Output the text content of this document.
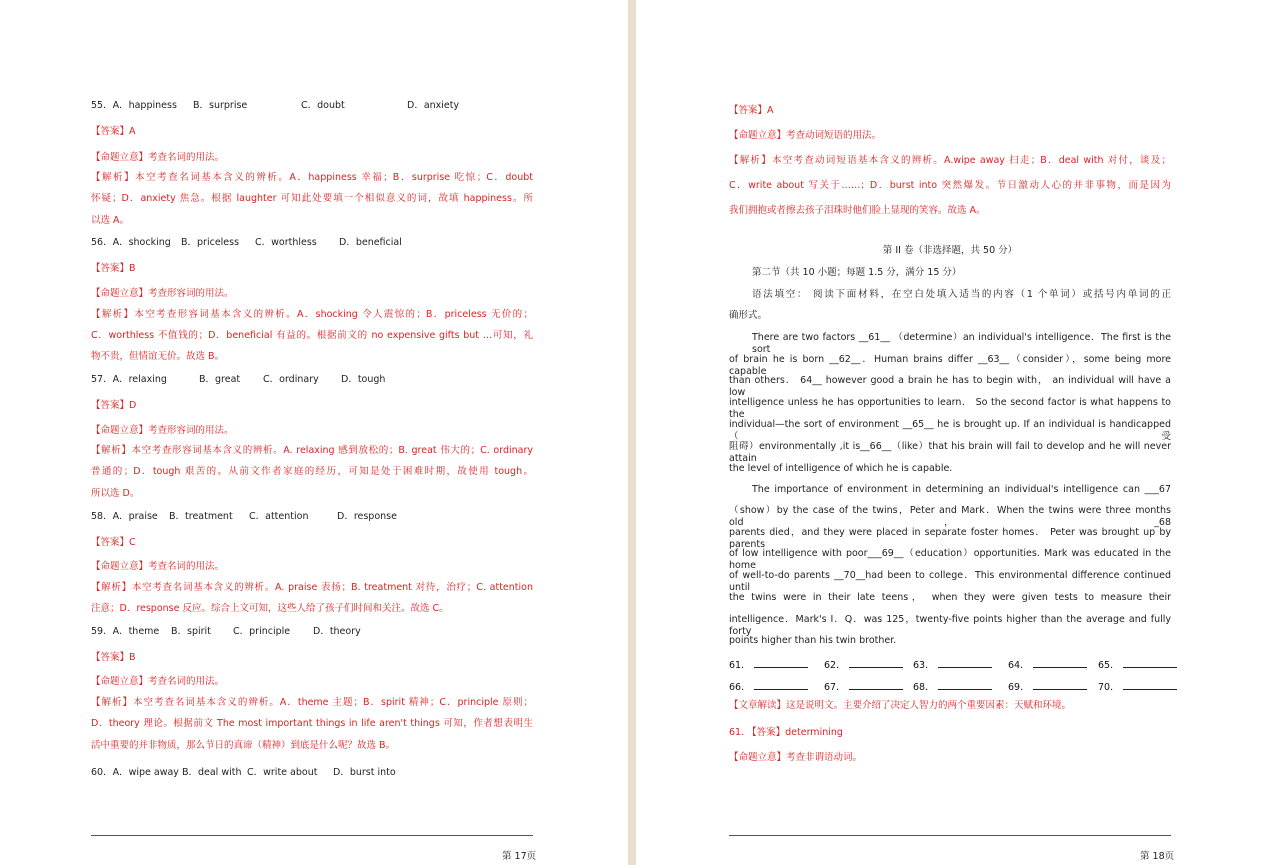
55．A．happiness B．surprise	C．doubt	D．anxiety
【答案】A
【命题立意】考查名词的用法。
【解析】本空考查名词基本含义的辨析。A．happiness 幸福；B．surprise 吃惊；C．doubt
怀疑；D．anxiety 焦急。根据 laughter 可知此处要填一个相似意义的词，故填 happiness。所
以选 A。
56．A．shocking B．priceless C．worthless D．beneficial
【答案】B
【命题立意】考查形容词的用法。
【解析】本空考查形容词基本含义的辨析。A．shocking 令人震惊的；B．priceless 无价的；
C．worthless 不值钱的；D．beneficial 有益的。根据前文的 no expensive gifts but …可知，礼
物不贵，但情谊无价。故选 B。
57．A．relaxing	B．great C．ordinary D．tough
【答案】D
【命题立意】考查形容词的用法。
【解析】本空考查形容词基本含义的辨析。A. relaxing 感到放松的；B. great 伟大的；C. ordinary
普通的；D．tough 艰苦的。从前文作者家庭的经历，可知是处于困难时期，故使用 tough。
所以选 D。
58．A．praise B．treatment C．attention	D．response
【答案】C
【命题立意】考查名词的用法。
【解析】本空考查名词基本含义的辨析。A. praise 表扬；B. treatment 对待，治疗；C. attention
注意；D．response 反应。综合上文可知，这些人给了孩子们时间和关注。故选 C。
59．A．theme B．spirit C．principle D．theory
【答案】B
【命题立意】考查名词的用法。
【解析】本空考查名词基本含义的辨析。A．theme 主题；B．spirit 精神；C．principle 原则；
D．theory 理论。根据前文 The most important things in life aren't things 可知，作者想表明生
活中重要的并非物质，那么节日的真谛（精神）到底是什么呢？故选 B。
60．A．wipe away B．deal with C．write about D．burst into
第 17页
【答案】A
【命题立意】考查动词短语的用法。
【解析】本空考查动词短语基本含义的辨析。A.wipe away 扫走；B．deal with 对付，谈及；
C．write about 写关于……；D．burst into 突然爆发。节日激动人心的并非事物，而是因为
我们拥抱或者擦去孩子泪珠时他们脸上显现的笑容。故选 A。
第 II 卷（非选择题，共 50 分）
第二节（共 10 小题；每题 1.5 分，满分 15 分）
语法填空： 阅读下面材料，在空白处填入适当的内容（1 个单词）或括号内单词的正
确形式。
There are two factors __61__ （determine）an individual's intelligence．The first is the sort
of brain he is born __62__．Human brains differ __63__（consider），some being more capable
than others． 64__ however good a brain he has to begin with， an individual will have a low
intelligence unless he has opportunities to learn． So the second factor is what happens to the
individual—the sort of environment __65__ he is brought up. If an individual is handicapped（受
阻碍）environmentally ,it is__66__（like）that his brain will fail to develop and he will never attain
the level of intelligence of which he is capable.
The importance of environment in determining an individual's intelligence can ___67
（show）by the case of the twins，Peter and Mark．When the twins were three months old，_68
parents died，and they were placed in separate foster homes． Peter was brought up by parents
of low intelligence with poor___69__（education）opportunities. Mark was educated in the home
of well-to-do parents __70__had been to college．This environmental difference continued until
the twins were in their late teens， when they were given tests to measure their
intelligence．Mark's I．Q．was 125，twenty-five points higher than the average and fully forty
points higher than his twin brother.
61．	62．	63．	64．	65．
66．	67．	68．	69．	70．
【文章解读】这是说明文。主要介绍了决定人智力的两个重要因素：天赋和环境。
61. 【答案】determining
【命题立意】考查非谓语动词。
第 18页
